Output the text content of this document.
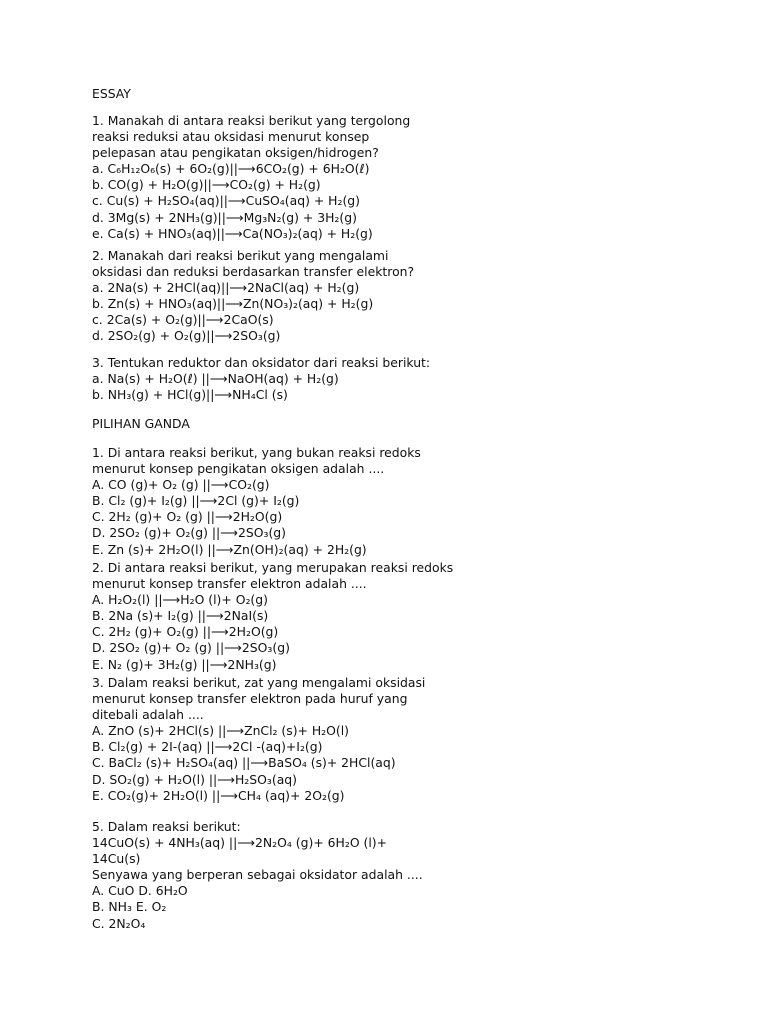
ESSAY
1. Manakah di antara reaksi berikut yang tergolong
reaksi reduksi atau oksidasi menurut konsep
pelepasan atau pengikatan oksigen/hidrogen?
a. C₆H₁₂O₆(s) + 6O₂(g)||⟶6CO₂(g) + 6H₂O(ℓ)
b. CO(g) + H₂O(g)||⟶CO₂(g) + H₂(g)
c. Cu(s) + H₂SO₄(aq)||⟶CuSO₄(aq) + H₂(g)
d. 3Mg(s) + 2NH₃(g)||⟶Mg₃N₂(g) + 3H₂(g)
e. Ca(s) + HNO₃(aq)||⟶Ca(NO₃)₂(aq) + H₂(g)
2. Manakah dari reaksi berikut yang mengalami
oksidasi dan reduksi berdasarkan transfer elektron?
a. 2Na(s) + 2HCl(aq)||⟶2NaCl(aq) + H₂(g)
b. Zn(s) + HNO₃(aq)||⟶Zn(NO₃)₂(aq) + H₂(g)
c. 2Ca(s) + O₂(g)||⟶2CaO(s)
d. 2SO₂(g) + O₂(g)||⟶2SO₃(g)
3. Tentukan reduktor dan oksidator dari reaksi berikut:
a. Na(s) + H₂O(ℓ) ||⟶NaOH(aq) + H₂(g)
b. NH₃(g) + HCl(g)||⟶NH₄Cl (s)
PILIHAN GANDA
1. Di antara reaksi berikut, yang bukan reaksi redoks
menurut konsep pengikatan oksigen adalah ....
A. CO (g)+ O₂ (g) ||⟶CO₂(g)
B. Cl₂ (g)+ I₂(g) ||⟶2Cl (g)+ I₂(g)
C. 2H₂ (g)+ O₂ (g) ||⟶2H₂O(g)
D. 2SO₂ (g)+ O₂(g) ||⟶2SO₃(g)
E. Zn (s)+ 2H₂O(l) ||⟶Zn(OH)₂(aq) + 2H₂(g)
2. Di antara reaksi berikut, yang merupakan reaksi redoks
menurut konsep transfer elektron adalah ....
A. H₂O₂(l) ||⟶H₂O (l)+ O₂(g)
B. 2Na (s)+ I₂(g) ||⟶2NaI(s)
C. 2H₂ (g)+ O₂(g) ||⟶2H₂O(g)
D. 2SO₂ (g)+ O₂ (g) ||⟶2SO₃(g)
E. N₂ (g)+ 3H₂(g) ||⟶2NH₃(g)
3. Dalam reaksi berikut, zat yang mengalami oksidasi
menurut konsep transfer elektron pada huruf yang
ditebali adalah ....
A. ZnO (s)+ 2HCl(s) ||⟶ZnCl₂ (s)+ H₂O(l)
B. Cl₂(g) + 2I-(aq) ||⟶2Cl -(aq)+I₂(g)
C. BaCl₂ (s)+ H₂SO₄(aq) ||⟶BaSO₄ (s)+ 2HCl(aq)
D. SO₂(g) + H₂O(l) ||⟶H₂SO₃(aq)
E. CO₂(g)+ 2H₂O(l) ||⟶CH₄ (aq)+ 2O₂(g)
5. Dalam reaksi berikut:
14CuO(s) + 4NH₃(aq) ||⟶2N₂O₄ (g)+ 6H₂O (l)+
14Cu(s)
Senyawa yang berperan sebagai oksidator adalah ....
A. CuO D. 6H₂O
B. NH₃ E. O₂
C. 2N₂O₄
